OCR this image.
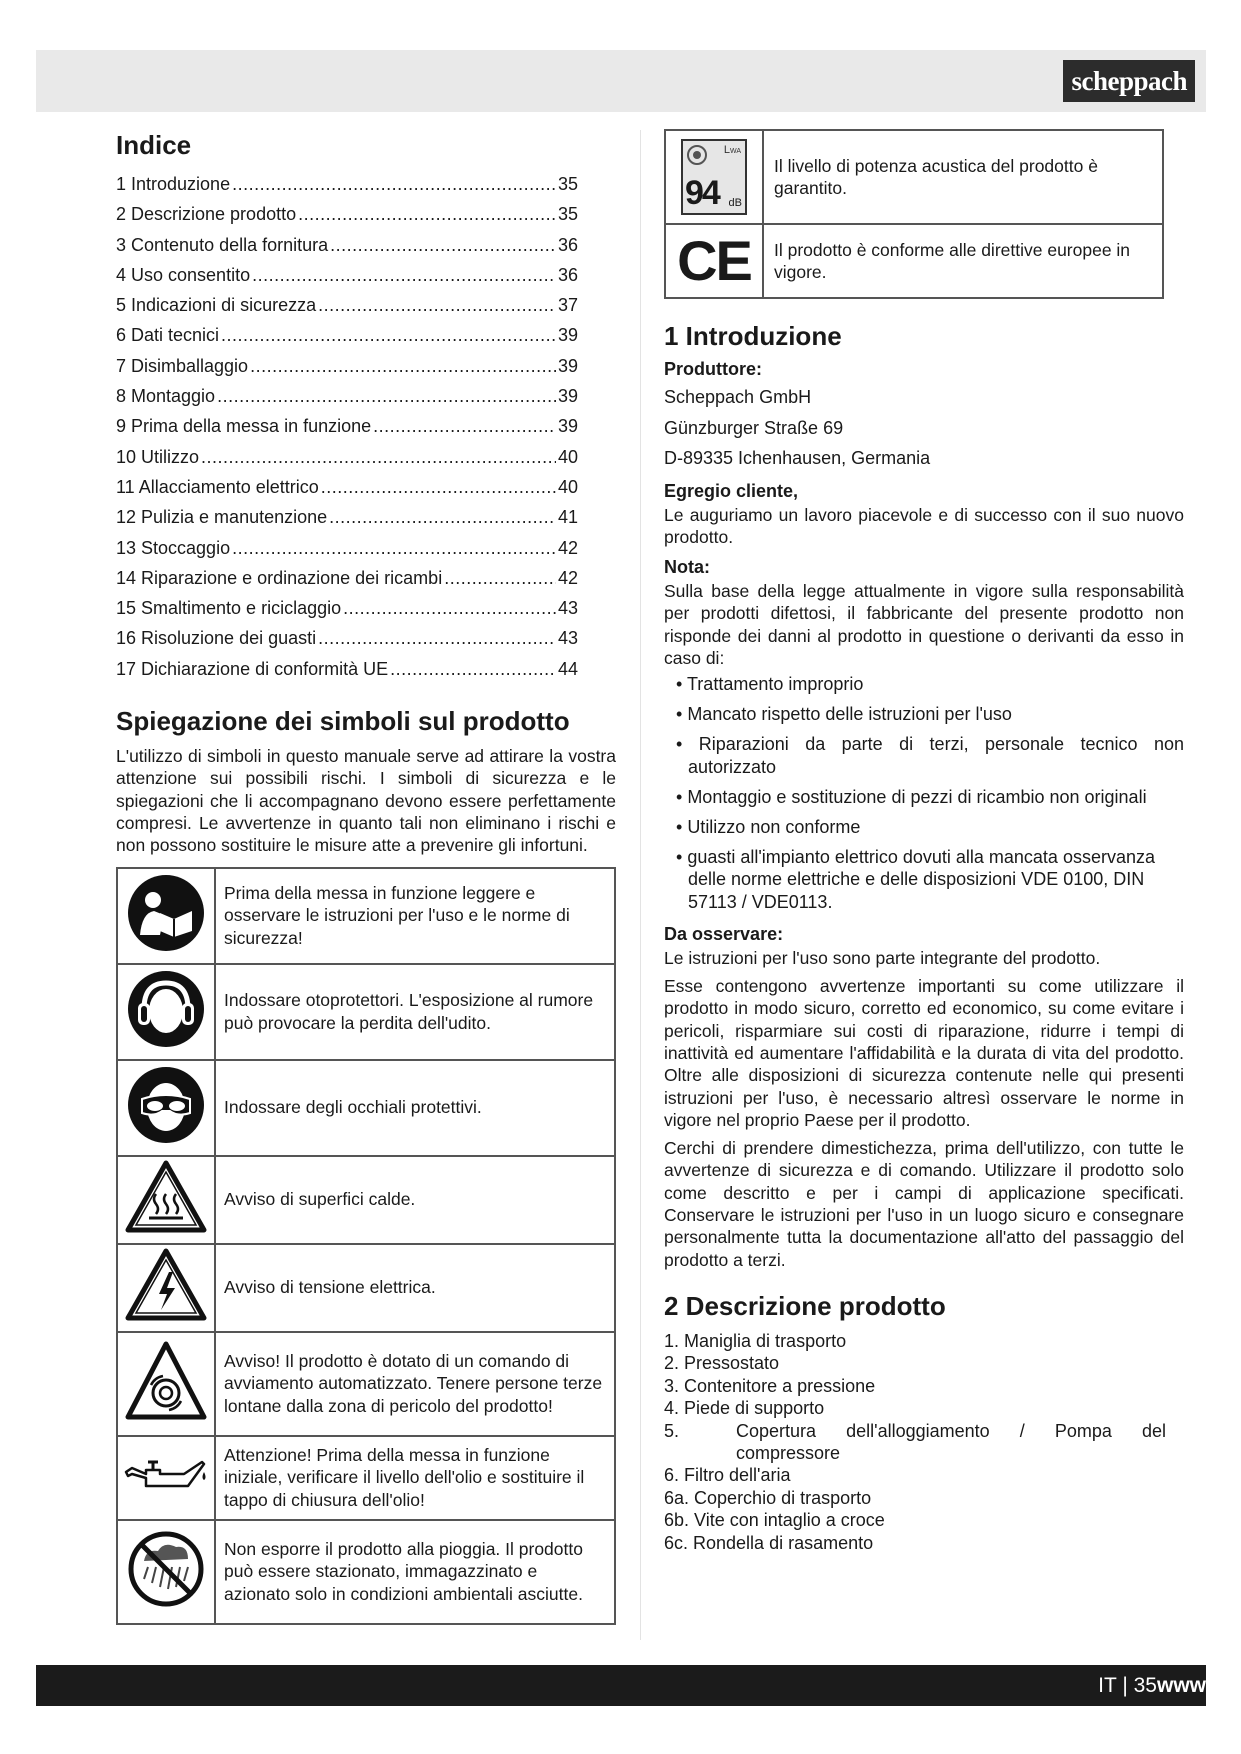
scheppach
Indice
1 Introduzione .....	35
2 Descrizione prodotto .....	35
3 Contenuto della fornitura .....	36
4 Uso consentito .....	36
5 Indicazioni di sicurezza .....	37
6 Dati tecnici .....	39
7 Disimballaggio .....	39
8 Montaggio .....	39
9 Prima della messa in funzione .....	39
10 Utilizzo .....	40
11 Allacciamento elettrico .....	40
12 Pulizia e manutenzione .....	41
13 Stoccaggio .....	42
14 Riparazione e ordinazione dei ricambi .....	42
15 Smaltimento e riciclaggio .....	43
16 Risoluzione dei guasti .....	43
17 Dichiarazione di conformità UE .....	44
Spiegazione dei simboli sul prodotto

L'utilizzo di simboli in questo manuale serve ad attirare la vostra attenzione sui possibili rischi. I simboli di sicurezza e le spiegazioni che li accompagnano devono essere perfettamente compresi. Le avvertenze in quanto tali non eliminano i rischi e non possono sostituire le misure atte a prevenire gli infortuni.

	Prima della messa in funzione leggere e osservare le istruzioni per l'uso e le norme di sicurezza!
	Indossare otoprotettori. L'esposizione al rumore può provocare la perdita dell'udito.
	Indossare degli occhiali protettivi.
	Avviso di superfici calde.
	Avviso di tensione elettrica.
	Avviso! Il prodotto è dotato di un comando di avviamento automatizzato. Tenere persone terze lontane dalla zona di pericolo del prodotto!
	Attenzione! Prima della messa in funzione iniziale, verificare il livello dell'olio e sostituire il tappo di chiusura dell'olio!
	Non esporre il prodotto alla pioggia. Il prodotto può essere stazionato, immagazzinato e azionato solo in condizioni ambientali asciutte.
LWA
94 dB	Il livello di potenza acustica del prodotto è garantito.
CE	Il prodotto è conforme alle direttive europee in vigore.
1 Introduzione

Produttore:

Scheppach GmbH

Günzburger Straße 69

D-89335 Ichenhausen, Germania

Egregio cliente,

Le auguriamo un lavoro piacevole e di successo con il suo nuovo prodotto.

Nota:

Sulla base della legge attualmente in vigore sulla responsabilità per prodotti difettosi, il fabbricante del presente prodotto non risponde dei danni al prodotto in questione o derivanti da esso in caso di:

• Trattamento improprio
• Mancato rispetto delle istruzioni per l'uso
• Riparazioni da parte di terzi, personale tecnico non autorizzato
• Montaggio e sostituzione di pezzi di ricambio non originali
• Utilizzo non conforme
• guasti all'impianto elettrico dovuti alla mancata osservanza delle norme elettriche e delle disposizioni VDE 0100, DIN 57113 / VDE0113.

Da osservare:

Le istruzioni per l'uso sono parte integrante del prodotto.

Esse contengono avvertenze importanti su come utilizzare il prodotto in modo sicuro, corretto ed economico, su come evitare i pericoli, risparmiare sui costi di riparazione, ridurre i tempi di inattività ed aumentare l'affidabilità e la durata di vita del prodotto. Oltre alle disposizioni di sicurezza contenute nelle qui presenti istruzioni per l'uso, è necessario altresì osservare le norme in vigore nel proprio Paese per il prodotto.

Cerchi di prendere dimestichezza, prima dell'utilizzo, con tutte le avvertenze di sicurezza e di comando. Utilizzare il prodotto solo come descritto e per i campi di applicazione specificati. Conservare le istruzioni per l'uso in un luogo sicuro e consegnare personalmente tutta la documentazione all'atto del passaggio del prodotto a terzi.

2 Descrizione prodotto
1. Maniglia di trasporto
2. Pressostato
3. Contenitore a pressione
4. Piede di supporto
5.	Copertura dell'alloggiamento / Pompa del compressore
6. Filtro dell'aria
6a. Coperchio di trasporto
6b. Vite con intaglio a croce
6c. Rondella di rasamento
IT | 35www
